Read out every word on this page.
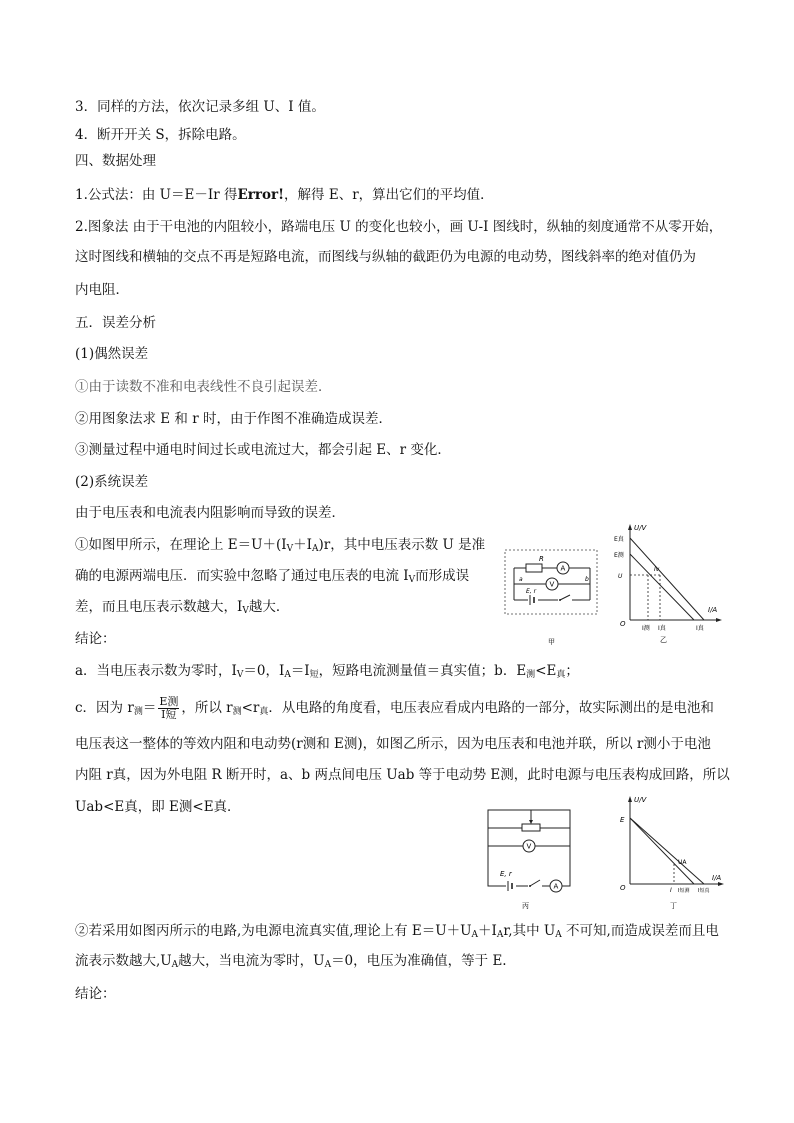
3．同样的方法，依次记录多组 U、I 值。
4．断开开关 S，拆除电路。
四、数据处理
1.公式法：由 U＝E－Ir 得Error!，解得 E、r，算出它们的平均值．
2.图象法 由于干电池的内阻较小，路端电压 U 的变化也较小，画 U-I 图线时，纵轴的刻度通常不从零开始，
这时图线和横轴的交点不再是短路电流，而图线与纵轴的截距仍为电源的电动势，图线斜率的绝对值仍为
内电阻．
五．误差分析
(1)偶然误差
①由于读数不准和电表线性不良引起误差．
②用图象法求 E 和 r 时，由于作图不准确造成误差．
③测量过程中通电时间过长或电流过大，都会引起 E、r 变化．
(2)系统误差
由于电压表和电流表内阻影响而导致的误差．
①如图甲所示，在理论上 $E=U+(I_V+I_A)r$，其中电压表示数 U 是准
确的电源两端电压．而实验中忽略了通过电压表的电流 $I_V$而形成误
差，而且电压表示数越大，$I_V$越大．
结论：
a．当电压表示数为零时，$I_V=0$，$I_A=I_短$，短路电流测量值＝真实值；b．$E_测<E_真$；
c．因为 $r_测= \frac{\text{E测}}{\text{I短}}$ ，所以 $r_测<r_真$．从电路的角度看，电压表应看成内电路的一部分，故实际测出的是电池和
电压表这一整体的等效内阻和电动势(r测和 E测)，如图乙所示，因为电压表和电池并联，所以 r测小于电池
内阻 r真，因为外电阻 R 断开时，a、b 两点间电压 Uab 等于电动势 E测，此时电源与电压表构成回路，所以
Uab<E真，即 E测<E真．
②若采用如图丙所示的电路,为电源电流真实值,理论上有 $E=U+U_A+I_Ar$,其中 $U_A$ 不可知,而造成误差而且电
流表示数越大$,U_A$越大，当电流为零时，$U_A=0$，电压为准确值，等于 E.
结论：
R
A
V
a	b
E, r
甲
U/V
I/A
O
E真
E测
U
Iv
I测 I真	I真
乙
V
E, r
A
丙
U/V
I/A
O
E
UA
I I短测 I短真
丁
